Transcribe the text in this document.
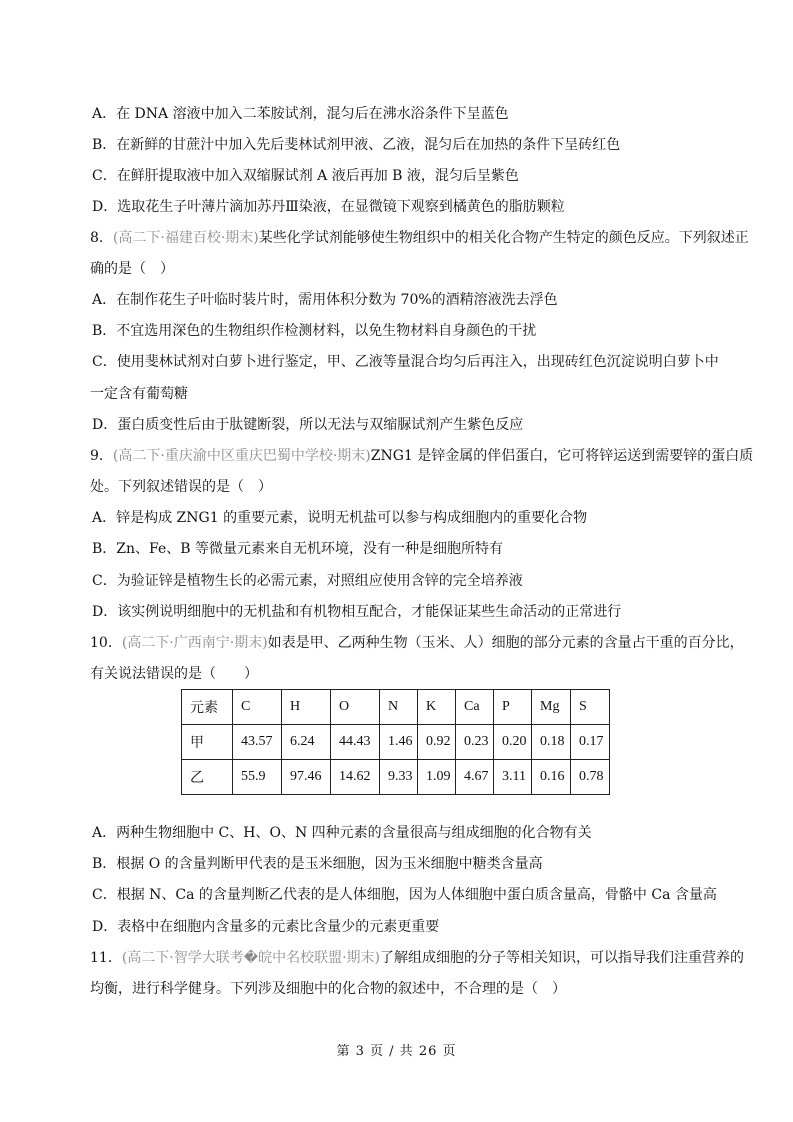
A．在 DNA 溶液中加入二苯胺试剂，混匀后在沸水浴条件下呈蓝色
B．在新鲜的甘蔗汁中加入先后斐林试剂甲液、乙液，混匀后在加热的条件下呈砖红色
C．在鲜肝提取液中加入双缩脲试剂 A 液后再加 B 液，混匀后呈紫色
D．选取花生子叶薄片滴加苏丹Ⅲ染液，在显微镜下观察到橘黄色的脂肪颗粒
8．(高二下·福建百校·期末)某些化学试剂能够使生物组织中的相关化合物产生特定的颜色反应。下列叙述正
确的是（　）
A．在制作花生子叶临时装片时，需用体积分数为 70%的酒精溶液洗去浮色
B．不宜选用深色的生物组织作检测材料，以免生物材料自身颜色的干扰
C．使用斐林试剂对白萝卜进行鉴定，甲、乙液等量混合均匀后再注入，出现砖红色沉淀说明白萝卜中
一定含有葡萄糖
D．蛋白质变性后由于肽键断裂，所以无法与双缩脲试剂产生紫色反应
9．(高二下·重庆渝中区重庆巴蜀中学校·期末)ZNG1 是锌金属的伴侣蛋白，它可将锌运送到需要锌的蛋白质
处。下列叙述错误的是（　）
A．锌是构成 ZNG1 的重要元素，说明无机盐可以参与构成细胞内的重要化合物
B．Zn、Fe、B 等微量元素来自无机环境，没有一种是细胞所特有
C．为验证锌是植物生长的必需元素，对照组应使用含锌的完全培养液
D．该实例说明细胞中的无机盐和有机物相互配合，才能保证某些生命活动的正常进行
10．(高二下·广西南宁·期末)如表是甲、乙两种生物（玉米、人）细胞的部分元素的含量占干重的百分比，
有关说法错误的是（　　）
元素	C	H	O	N	K	Ca	P	Mg	S
甲	43.57	6.24	44.43	1.46	0.92	0.23	0.20	0.18	0.17
乙	55.9	97.46	14.62	9.33	1.09	4.67	3.11	0.16	0.78
A．两种生物细胞中 C、H、O、N 四种元素的含量很高与组成细胞的化合物有关
B．根据 O 的含量判断甲代表的是玉米细胞，因为玉米细胞中糖类含量高
C．根据 N、Ca 的含量判断乙代表的是人体细胞，因为人体细胞中蛋白质含量高，骨骼中 Ca 含量高
D．表格中在细胞内含量多的元素比含量少的元素更重要
11．(高二下·智学大联考�皖中名校联盟·期末)了解组成细胞的分子等相关知识，可以指导我们注重营养的
均衡，进行科学健身。下列涉及细胞中的化合物的叙述中，不合理的是（　）
第 3 页 / 共 26 页
